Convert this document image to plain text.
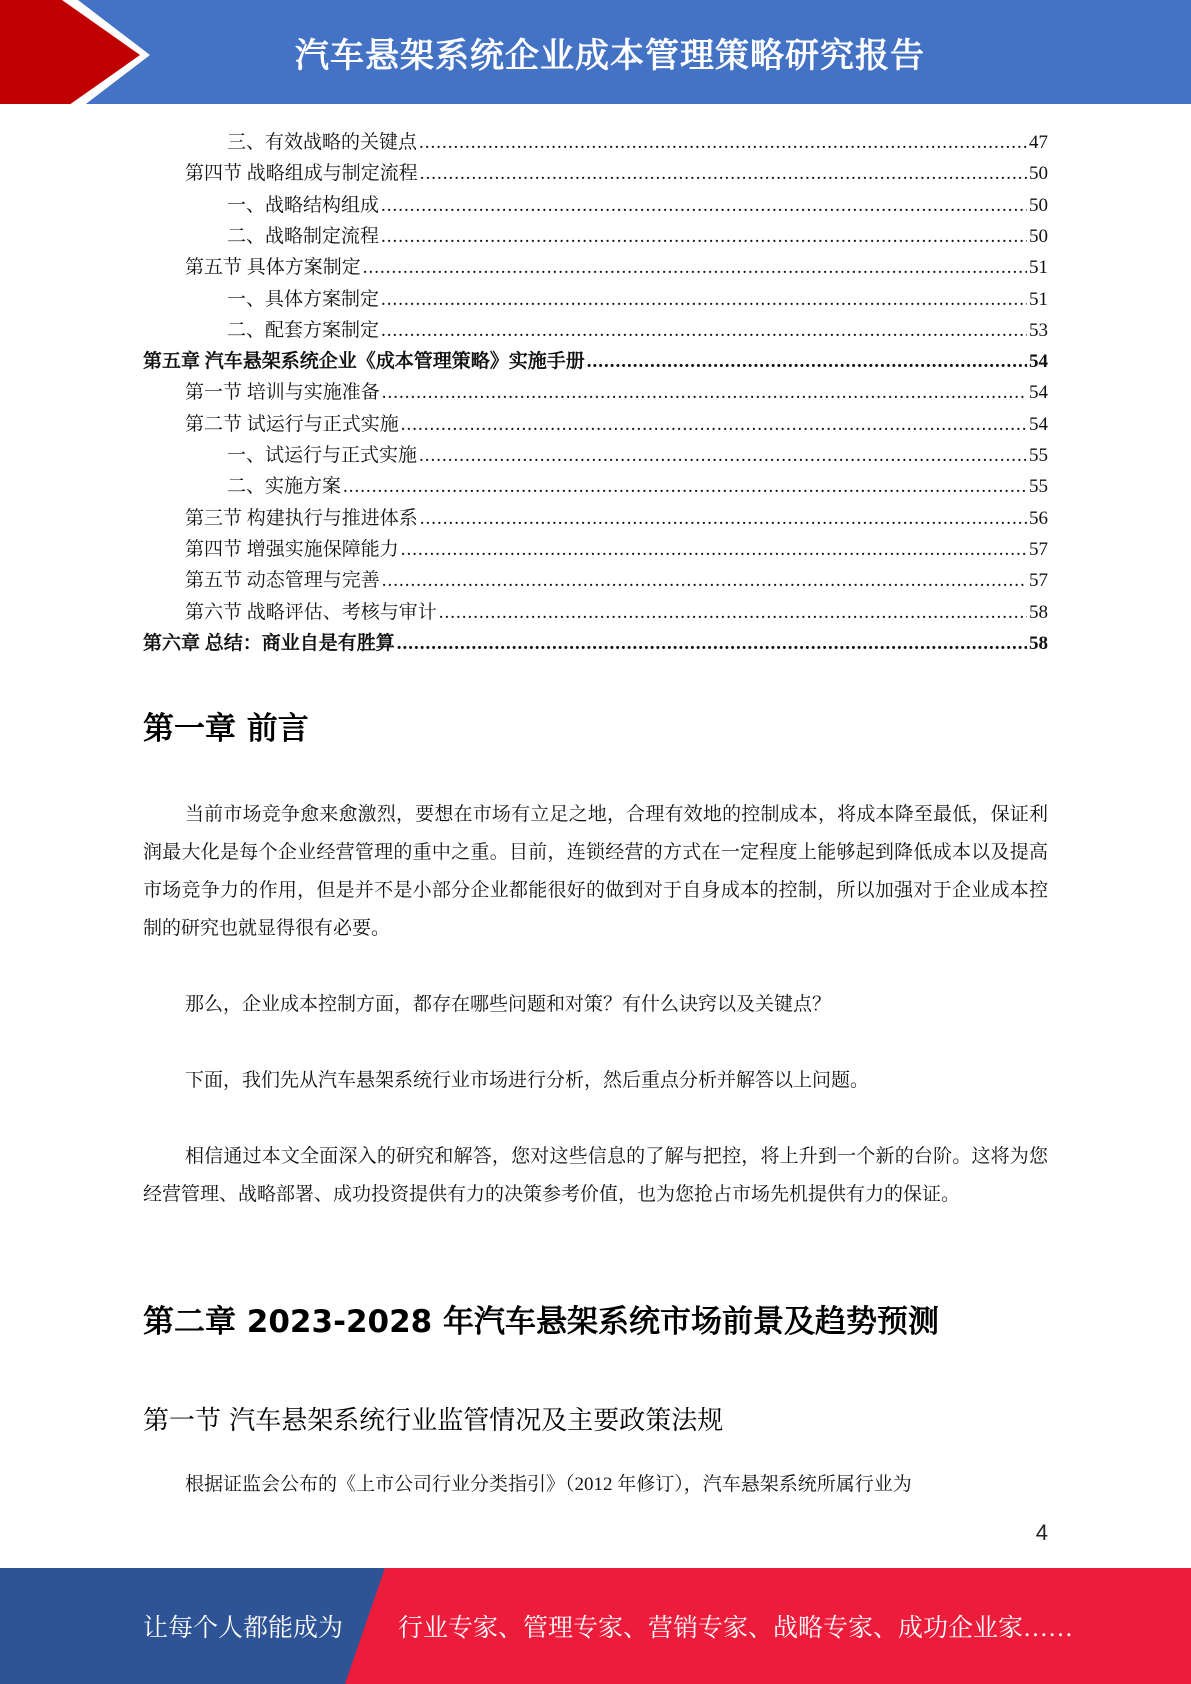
汽车悬架系统企业成本管理策略研究报告
三、有效战略的关键点 .....	47
第四节 战略组成与制定流程 .....	50
一、战略结构组成 .....	50
二、战略制定流程 .....	50
第五节 具体方案制定 .....	51
一、具体方案制定 .....	51
二、配套方案制定 .....	53
第五章 汽车悬架系统企业《成本管理策略》实施手册 .....	54
第一节 培训与实施准备 .....	54
第二节 试运行与正式实施 .....	54
一、试运行与正式实施 .....	55
二、实施方案 .....	55
第三节 构建执行与推进体系 .....	56
第四节 增强实施保障能力 .....	57
第五节 动态管理与完善 .....	57
第六节 战略评估、考核与审计 .....	58
第六章 总结：商业自是有胜算 .....	58
第一章 前言

当前市场竞争愈来愈激烈，要想在市场有立足之地，合理有效地的控制成本，将成本降至最低，保证利润最大化是每个企业经营管理的重中之重。目前，连锁经营的方式在一定程度上能够起到降低成本以及提高市场竞争力的作用，但是并不是小部分企业都能很好的做到对于自身成本的控制，所以加强对于企业成本控制的研究也就显得很有必要。

那么，企业成本控制方面，都存在哪些问题和对策？有什么诀窍以及关键点？

下面，我们先从汽车悬架系统行业市场进行分析，然后重点分析并解答以上问题。

相信通过本文全面深入的研究和解答，您对这些信息的了解与把控，将上升到一个新的台阶。这将为您经营管理、战略部署、成功投资提供有力的决策参考价值，也为您抢占市场先机提供有力的保证。

第二章 2023-2028 年汽车悬架系统市场前景及趋势预测
第一节 汽车悬架系统行业监管情况及主要政策法规

根据证监会公布的《上市公司行业分类指引》（2012 年修订），汽车悬架系统所属行业为

4
让每个人都能成为 行业专家、管理专家、营销专家、战略专家、成功企业家……
